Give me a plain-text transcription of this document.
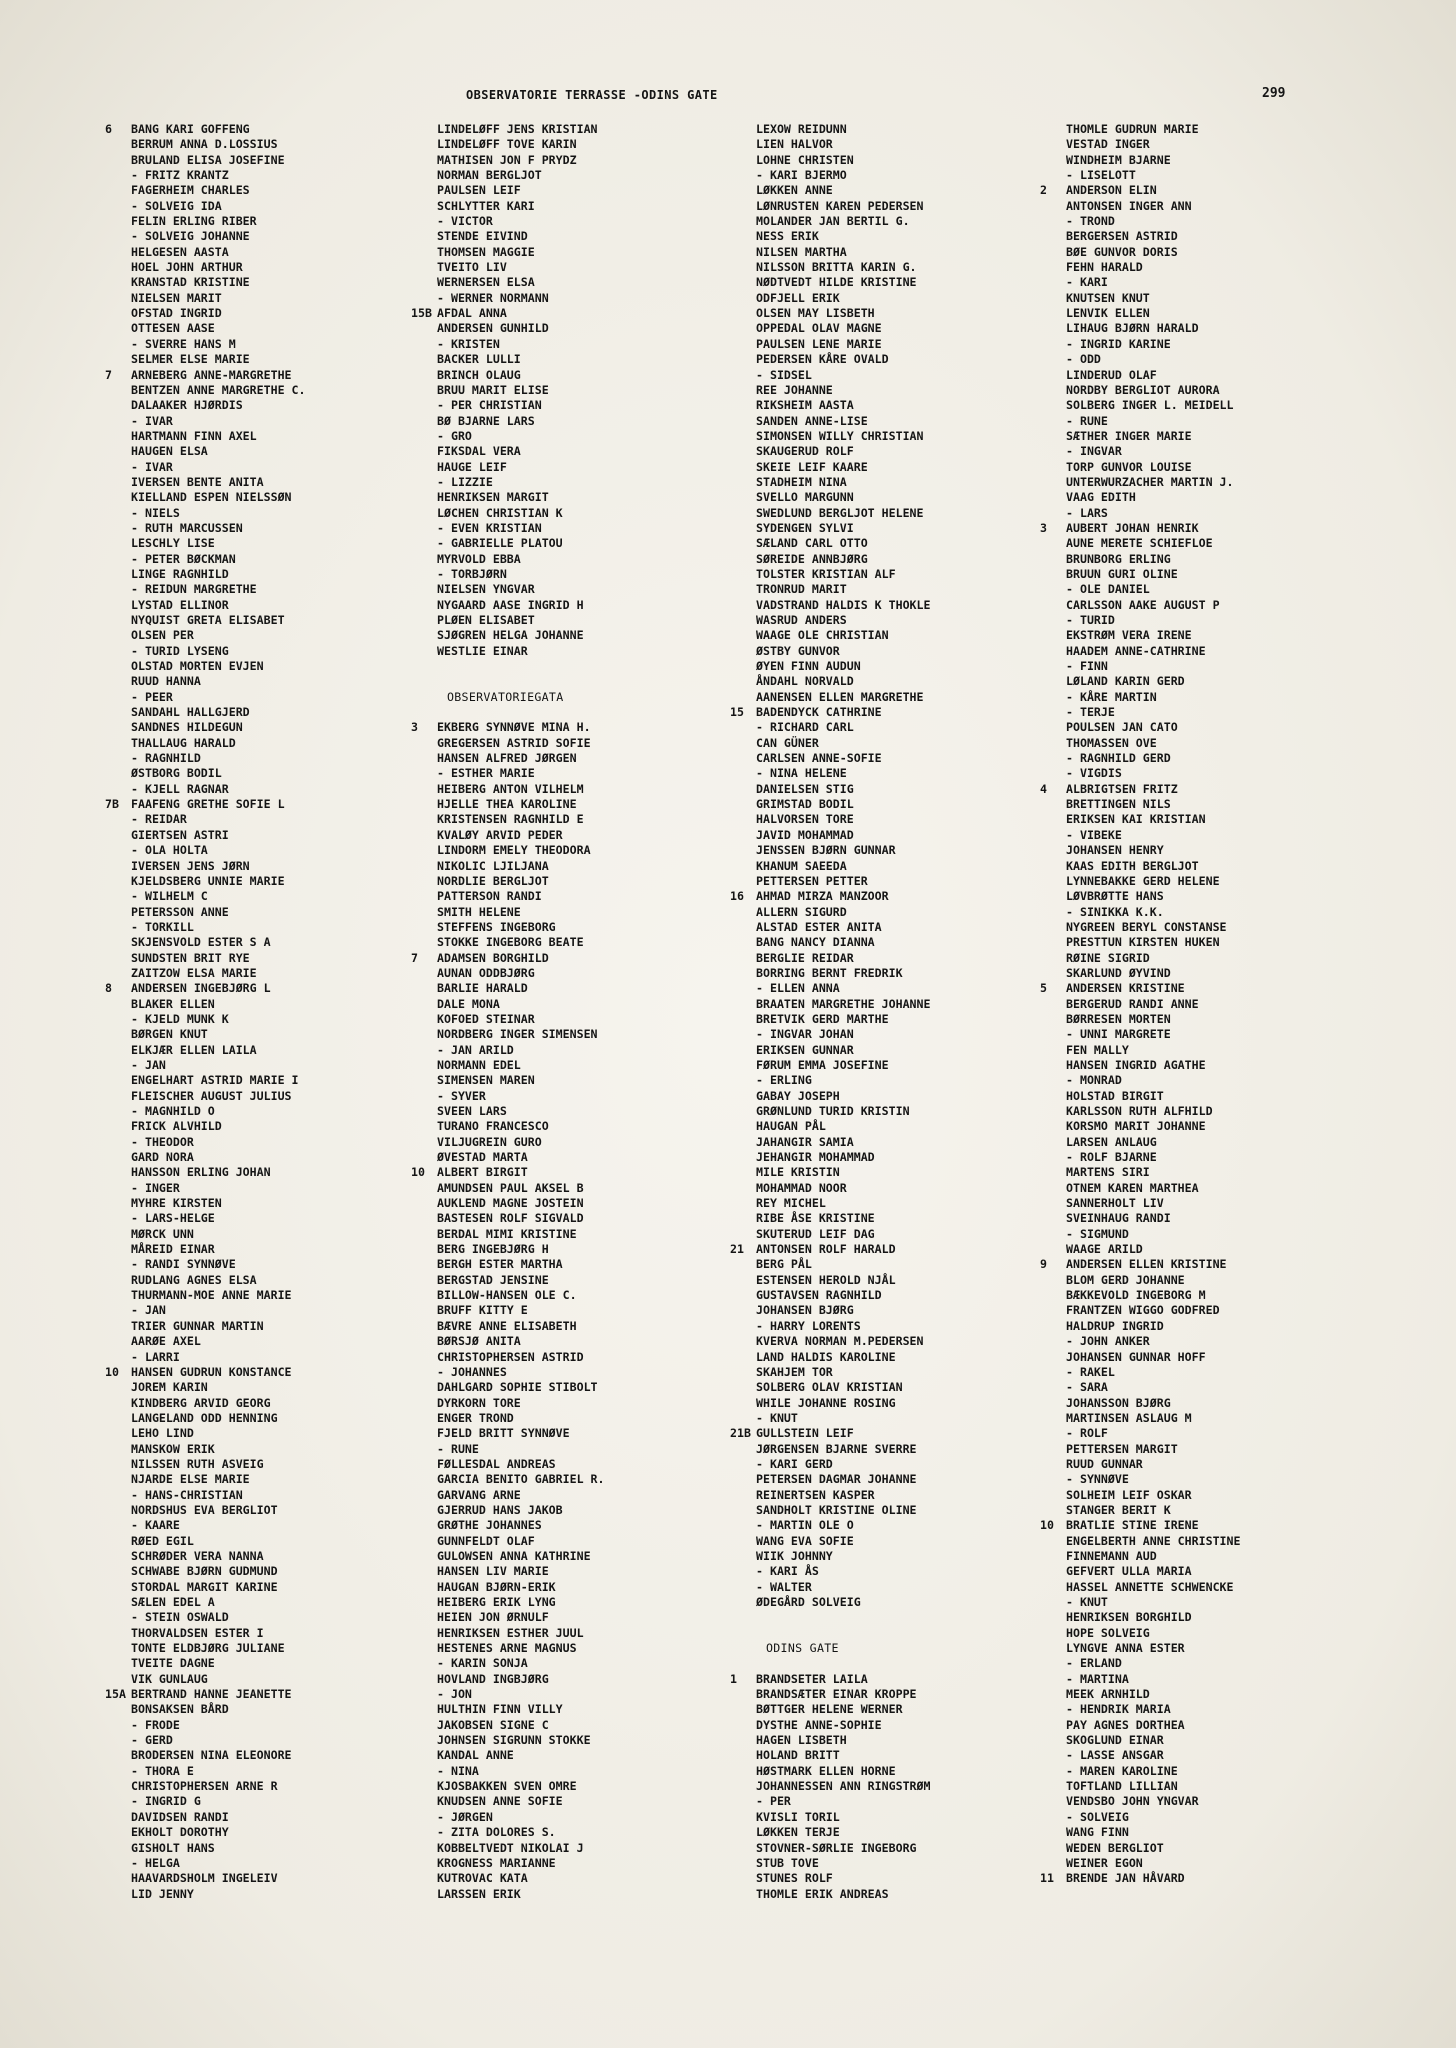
OBSERVATORIE TERRASSE -ODINS GATE	299
6	BANG KARI GOFFENG
BERRUM ANNA D.LOSSIUS
BRULAND ELISA JOSEFINE
- FRITZ KRANTZ
FAGERHEIM CHARLES
- SOLVEIG IDA
FELIN ERLING RIBER
- SOLVEIG JOHANNE
HELGESEN AASTA
HOEL JOHN ARTHUR
KRANSTAD KRISTINE
NIELSEN MARIT
OFSTAD INGRID
OTTESEN AASE
- SVERRE HANS M
SELMER ELSE MARIE
7	ARNEBERG ANNE-MARGRETHE
BENTZEN ANNE MARGRETHE C.
DALAAKER HJØRDIS
- IVAR
HARTMANN FINN AXEL
HAUGEN ELSA
- IVAR
IVERSEN BENTE ANITA
KIELLAND ESPEN NIELSSØN
- NIELS
- RUTH MARCUSSEN
LESCHLY LISE
- PETER BØCKMAN
LINGE RAGNHILD
- REIDUN MARGRETHE
LYSTAD ELLINOR
NYQUIST GRETA ELISABET
OLSEN PER
- TURID LYSENG
OLSTAD MORTEN EVJEN
RUUD HANNA
- PEER
SANDAHL HALLGJERD
SANDNES HILDEGUN
THALLAUG HARALD
- RAGNHILD
ØSTBORG BODIL
- KJELL RAGNAR
7B	FAAFENG GRETHE SOFIE L
- REIDAR
GIERTSEN ASTRI
- OLA HOLTA
IVERSEN JENS JØRN
KJELDSBERG UNNIE MARIE
- WILHELM C
PETERSSON ANNE
- TORKILL
SKJENSVOLD ESTER S A
SUNDSTEN BRIT RYE
ZAITZOW ELSA MARIE
8	ANDERSEN INGEBJØRG L
BLAKER ELLEN
- KJELD MUNK K
BØRGEN KNUT
ELKJÆR ELLEN LAILA
- JAN
ENGELHART ASTRID MARIE I
FLEISCHER AUGUST JULIUS
- MAGNHILD O
FRICK ALVHILD
- THEODOR
GARD NORA
HANSSON ERLING JOHAN
- INGER
MYHRE KIRSTEN
- LARS-HELGE
MØRCK UNN
MÅREID EINAR
- RANDI SYNNØVE
RUDLANG AGNES ELSA
THURMANN-MOE ANNE MARIE
- JAN
TRIER GUNNAR MARTIN
AARØE AXEL
- LARRI
10	HANSEN GUDRUN KONSTANCE
JOREM KARIN
KINDBERG ARVID GEORG
LANGELAND ODD HENNING
LEHO LIND
MANSKOW ERIK
NILSSEN RUTH ASVEIG
NJARDE ELSE MARIE
- HANS-CHRISTIAN
NORDSHUS EVA BERGLIOT
- KAARE
RØED EGIL
SCHRØDER VERA NANNA
SCHWABE BJØRN GUDMUND
STORDAL MARGIT KARINE
SÆLEN EDEL A
- STEIN OSWALD
THORVALDSEN ESTER I
TONTE ELDBJØRG JULIANE
TVEITE DAGNE
VIK GUNLAUG
15A BERTRAND HANNE JEANETTE
BONSAKSEN BÅRD
- FRODE
- GERD
BRODERSEN NINA ELEONORE
- THORA E
CHRISTOPHERSEN ARNE R
- INGRID G
DAVIDSEN RANDI
EKHOLT DOROTHY
GISHOLT HANS
- HELGA
HAAVARDSHOLM INGELEIV
LID JENNY
LINDELØFF JENS KRISTIAN
LINDELØFF TOVE KARIN
MATHISEN JON F PRYDZ
NORMAN BERGLJOT
PAULSEN LEIF
SCHLYTTER KARI
- VICTOR
STENDE EIVIND
THOMSEN MAGGIE
TVEITO LIV
WERNERSEN ELSA
- WERNER NORMANN
15B AFDAL ANNA
ANDERSEN GUNHILD
- KRISTEN
BACKER LULLI
BRINCH OLAUG
BRUU MARIT ELISE
- PER CHRISTIAN
BØ BJARNE LARS
- GRO
FIKSDAL VERA
HAUGE LEIF
- LIZZIE
HENRIKSEN MARGIT
LØCHEN CHRISTIAN K
- EVEN KRISTIAN
- GABRIELLE PLATOU
MYRVOLD EBBA
- TORBJØRN
NIELSEN YNGVAR
NYGAARD AASE INGRID H
PLØEN ELISABET
SJØGREN HELGA JOHANNE
WESTLIE EINAR
OBSERVATORIEGATA
3	EKBERG SYNNØVE MINA H.
GREGERSEN ASTRID SOFIE
HANSEN ALFRED JØRGEN
- ESTHER MARIE
HEIBERG ANTON VILHELM
HJELLE THEA KAROLINE
KRISTENSEN RAGNHILD E
KVALØY ARVID PEDER
LINDORM EMELY THEODORA
NIKOLIC LJILJANA
NORDLIE BERGLJOT
PATTERSON RANDI
SMITH HELENE
STEFFENS INGEBORG
STOKKE INGEBORG BEATE
7	ADAMSEN BORGHILD
AUNAN ODDBJØRG
BARLIE HARALD
DALE MONA
KOFOED STEINAR
NORDBERG INGER SIMENSEN
- JAN ARILD
NORMANN EDEL
SIMENSEN MAREN
- SYVER
SVEEN LARS
TURANO FRANCESCO
VILJUGREIN GURO
ØVESTAD MARTA
10	ALBERT BIRGIT
AMUNDSEN PAUL AKSEL B
AUKLEND MAGNE JOSTEIN
BASTESEN ROLF SIGVALD
BERDAL MIMI KRISTINE
BERG INGEBJØRG H
BERGH ESTER MARTHA
BERGSTAD JENSINE
BILLOW-HANSEN OLE C.
BRUFF KITTY E
BÆVRE ANNE ELISABETH
BØRSJØ ANITA
CHRISTOPHERSEN ASTRID
- JOHANNES
DAHLGARD SOPHIE STIBOLT
DYRKORN TORE
ENGER TROND
FJELD BRITT SYNNØVE
- RUNE
FØLLESDAL ANDREAS
GARCIA BENITO GABRIEL R.
GARVANG ARNE
GJERRUD HANS JAKOB
GRØTHE JOHANNES
GUNNFELDT OLAF
GULOWSEN ANNA KATHRINE
HANSEN LIV MARIE
HAUGAN BJØRN-ERIK
HEIBERG ERIK LYNG
HEIEN JON ØRNULF
HENRIKSEN ESTHER JUUL
HESTENES ARNE MAGNUS
- KARIN SONJA
HOVLAND INGBJØRG
- JON
HULTHIN FINN VILLY
JAKOBSEN SIGNE C
JOHNSEN SIGRUNN STOKKE
KANDAL ANNE
- NINA
KJOSBAKKEN SVEN OMRE
KNUDSEN ANNE SOFIE
- JØRGEN
- ZITA DOLORES S.
KOBBELTVEDT NIKOLAI J
KROGNESS MARIANNE
KUTROVAC KATA
LARSSEN ERIK
LEXOW REIDUNN
LIEN HALVOR
LOHNE CHRISTEN
- KARI BJERMO
LØKKEN ANNE
LØNRUSTEN KAREN PEDERSEN
MOLANDER JAN BERTIL G.
NESS ERIK
NILSEN MARTHA
NILSSON BRITTA KARIN G.
NØDTVEDT HILDE KRISTINE
ODFJELL ERIK
OLSEN MAY LISBETH
OPPEDAL OLAV MAGNE
PAULSEN LENE MARIE
PEDERSEN KÅRE OVALD
- SIDSEL
REE JOHANNE
RIKSHEIM AASTA
SANDEN ANNE-LISE
SIMONSEN WILLY CHRISTIAN
SKAUGERUD ROLF
SKEIE LEIF KAARE
STADHEIM NINA
SVELLO MARGUNN
SWEDLUND BERGLJOT HELENE
SYDENGEN SYLVI
SÆLAND CARL OTTO
SØREIDE ANNBJØRG
TOLSTER KRISTIAN ALF
TRONRUD MARIT
VADSTRAND HALDIS K THOKLE
WASRUD ANDERS
WAAGE OLE CHRISTIAN
ØSTBY GUNVOR
ØYEN FINN AUDUN
ÅNDAHL NORVALD
AANENSEN ELLEN MARGRETHE
15	BADENDYCK CATHRINE
- RICHARD CARL
CAN GÜNER
CARLSEN ANNE-SOFIE
- NINA HELENE
DANIELSEN STIG
GRIMSTAD BODIL
HALVORSEN TORE
JAVID MOHAMMAD
JENSSEN BJØRN GUNNAR
KHANUM SAEEDA
PETTERSEN PETTER
16	AHMAD MIRZA MANZOOR
ALLERN SIGURD
ALSTAD ESTER ANITA
BANG NANCY DIANNA
BERGLIE REIDAR
BORRING BERNT FREDRIK
- ELLEN ANNA
BRAATEN MARGRETHE JOHANNE
BRETVIK GERD MARTHE
- INGVAR JOHAN
ERIKSEN GUNNAR
FØRUM EMMA JOSEFINE
- ERLING
GABAY JOSEPH
GRØNLUND TURID KRISTIN
HAUGAN PÅL
JAHANGIR SAMIA
JEHANGIR MOHAMMAD
MILE KRISTIN
MOHAMMAD NOOR
REY MICHEL
RIBE ÅSE KRISTINE
SKUTERUD LEIF DAG
21	ANTONSEN ROLF HARALD
BERG PÅL
ESTENSEN HEROLD NJÅL
GUSTAVSEN RAGNHILD
JOHANSEN BJØRG
- HARRY LORENTS
KVERVA NORMAN M.PEDERSEN
LAND HALDIS KAROLINE
SKAHJEM TOR
SOLBERG OLAV KRISTIAN
WHILE JOHANNE ROSING
- KNUT
21B GULLSTEIN LEIF
JØRGENSEN BJARNE SVERRE
- KARI GERD
PETERSEN DAGMAR JOHANNE
REINERTSEN KASPER
SANDHOLT KRISTINE OLINE
- MARTIN OLE O
WANG EVA SOFIE
WIIK JOHNNY
- KARI ÅS
- WALTER
ØDEGÅRD SOLVEIG
ODINS GATE
1	BRANDSETER LAILA
BRANDSÆTER EINAR KROPPE
BØTTGER HELENE WERNER
DYSTHE ANNE-SOPHIE
HAGEN LISBETH
HOLAND BRITT
HØSTMARK ELLEN HORNE
JOHANNESSEN ANN RINGSTRØM
- PER
KVISLI TORIL
LØKKEN TERJE
STOVNER-SØRLIE INGEBORG
STUB TOVE
STUNES ROLF
THOMLE ERIK ANDREAS
THOMLE GUDRUN MARIE
VESTAD INGER
WINDHEIM BJARNE
- LISELOTT
2	ANDERSON ELIN
ANTONSEN INGER ANN
- TROND
BERGERSEN ASTRID
BØE GUNVOR DORIS
FEHN HARALD
- KARI
KNUTSEN KNUT
LENVIK ELLEN
LIHAUG BJØRN HARALD
- INGRID KARINE
- ODD
LINDERUD OLAF
NORDBY BERGLIOT AURORA
SOLBERG INGER L. MEIDELL
- RUNE
SÆTHER INGER MARIE
- INGVAR
TORP GUNVOR LOUISE
UNTERWURZACHER MARTIN J.
VAAG EDITH
- LARS
3	AUBERT JOHAN HENRIK
AUNE MERETE SCHIEFLOE
BRUNBORG ERLING
BRUUN GURI OLINE
- OLE DANIEL
CARLSSON AAKE AUGUST P
- TURID
EKSTRØM VERA IRENE
HAADEM ANNE-CATHRINE
- FINN
LØLAND KARIN GERD
- KÅRE MARTIN
- TERJE
POULSEN JAN CATO
THOMASSEN OVE
- RAGNHILD GERD
- VIGDIS
4	ALBRIGTSEN FRITZ
BRETTINGEN NILS
ERIKSEN KAI KRISTIAN
- VIBEKE
JOHANSEN HENRY
KAAS EDITH BERGLJOT
LYNNEBAKKE GERD HELENE
LØVBRØTTE HANS
- SINIKKA K.K.
NYGREEN BERYL CONSTANSE
PRESTTUN KIRSTEN HUKEN
RØINE SIGRID
SKARLUND ØYVIND
5	ANDERSEN KRISTINE
BERGERUD RANDI ANNE
BØRRESEN MORTEN
- UNNI MARGRETE
FEN MALLY
HANSEN INGRID AGATHE
- MONRAD
HOLSTAD BIRGIT
KARLSSON RUTH ALFHILD
KORSMO MARIT JOHANNE
LARSEN ANLAUG
- ROLF BJARNE
MARTENS SIRI
OTNEM KAREN MARTHEA
SANNERHOLT LIV
SVEINHAUG RANDI
- SIGMUND
WAAGE ARILD
9	ANDERSEN ELLEN KRISTINE
BLOM GERD JOHANNE
BÆKKEVOLD INGEBORG M
FRANTZEN WIGGO GODFRED
HALDRUP INGRID
- JOHN ANKER
JOHANSEN GUNNAR HOFF
- RAKEL
- SARA
JOHANSSON BJØRG
MARTINSEN ASLAUG M
- ROLF
PETTERSEN MARGIT
RUUD GUNNAR
- SYNNØVE
SOLHEIM LEIF OSKAR
STANGER BERIT K
10	BRATLIE STINE IRENE
ENGELBERTH ANNE CHRISTINE
FINNEMANN AUD
GEFVERT ULLA MARIA
HASSEL ANNETTE SCHWENCKE
- KNUT
HENRIKSEN BORGHILD
HOPE SOLVEIG
LYNGVE ANNA ESTER
- ERLAND
- MARTINA
MEEK ARNHILD
- HENDRIK MARIA
PAY AGNES DORTHEA
SKOGLUND EINAR
- LASSE ANSGAR
- MAREN KAROLINE
TOFTLAND LILLIAN
VENDSBO JOHN YNGVAR
- SOLVEIG
WANG FINN
WEDEN BERGLIOT
WEINER EGON
11	BRENDE JAN HÅVARD
